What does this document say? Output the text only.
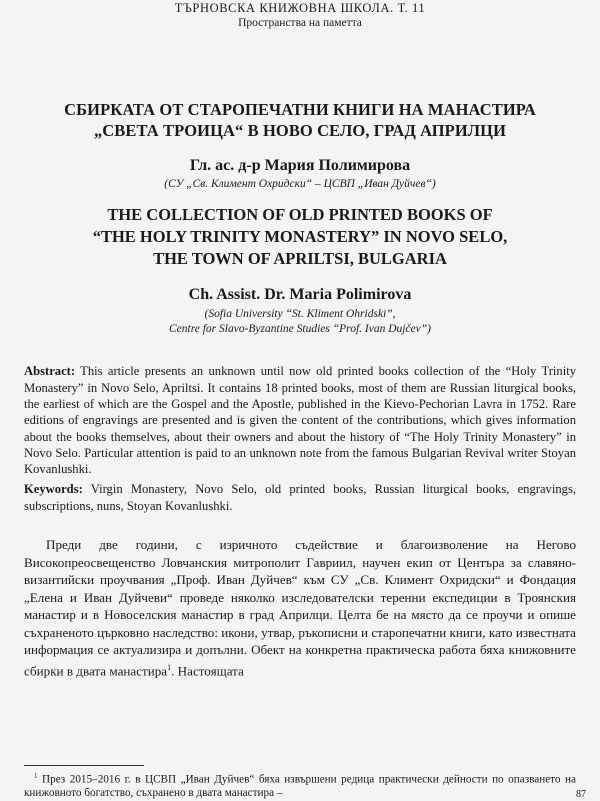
ТЪРНОВСКА КНИЖОВНА ШКОЛА. Т. 11
Пространства на паметта
СБИРКАТА ОТ СТАРОПЕЧАТНИ КНИГИ НА МАНАСТИРА
„СВЕТА ТРОИЦА“ В НОВО СЕЛО, ГРАД АПРИЛЦИ
Гл. ас. д-р Мария Полимирова
(СУ „Св. Климент Охридски“ – ЦСВП „Иван Дуйчев“)
THE COLLECTION OF OLD PRINTED BOOKS OF
“THE HOLY TRINITY MONASTERY” IN NOVO SELO,
THE TOWN OF APRILTSI, BULGARIA
Ch. Assist. Dr. Maria Polimirova
(Sofia University “St. Kliment Ohridski”,
Centre for Slavo-Byzantine Studies “Prof. Ivan Dujčev”)
Abstract: This article presents an unknown until now old printed books collection of the “Holy Trinity Monastery” in Novo Selo, Apriltsi. It contains 18 printed books, most of them are Russian liturgical books, the earliest of which are the Gospel and the Apostle, published in the Kievo-Pechorian Lavra in 1752. Rare editions of engravings are presented and is given the content of the contributions, which gives information about the books themselves, about their owners and about the history of “The Holy Trinity Monastery” in Novo Selo. Particular attention is paid to an unknown note from the famous Bulgarian Revival writer Stoyan Kovanlushki.
Keywords: Virgin Monastery, Novo Selo, old printed books, Russian liturgical books, engravings, subscriptions, nuns, Stoyan Kovanlushki.
Преди две години, с изричното съдействие и благоизволение на Негово Високопреосвещенство Ловчанския митрополит Гавриил, научен екип от Центъра за славяно-византийски проучвания „Проф. Иван Дуйчев“ към СУ „Св. Климент Охридски“ и Фондация „Елена и Иван Дуйчеви“ проведе няколко изследователски теренни експедиции в Троянския манастир и в Новоселския манастир в град Априлци. Целта бе на място да се проучи и опише съхраненото църковно наследство: икони, утвар, ръкописни и старопечатни книги, като известната информация се актуализира и допълни. Обект на конкретна практическа работа бяха книжовните сбирки в двата манастира$^1$. Настоящата
$^1$ През 2015–2016 г. в ЦСВП „Иван Дуйчев“ бяха извършени редица практически дейности по опазването на книжовното богатство, съхранено в двата манастира –	87
